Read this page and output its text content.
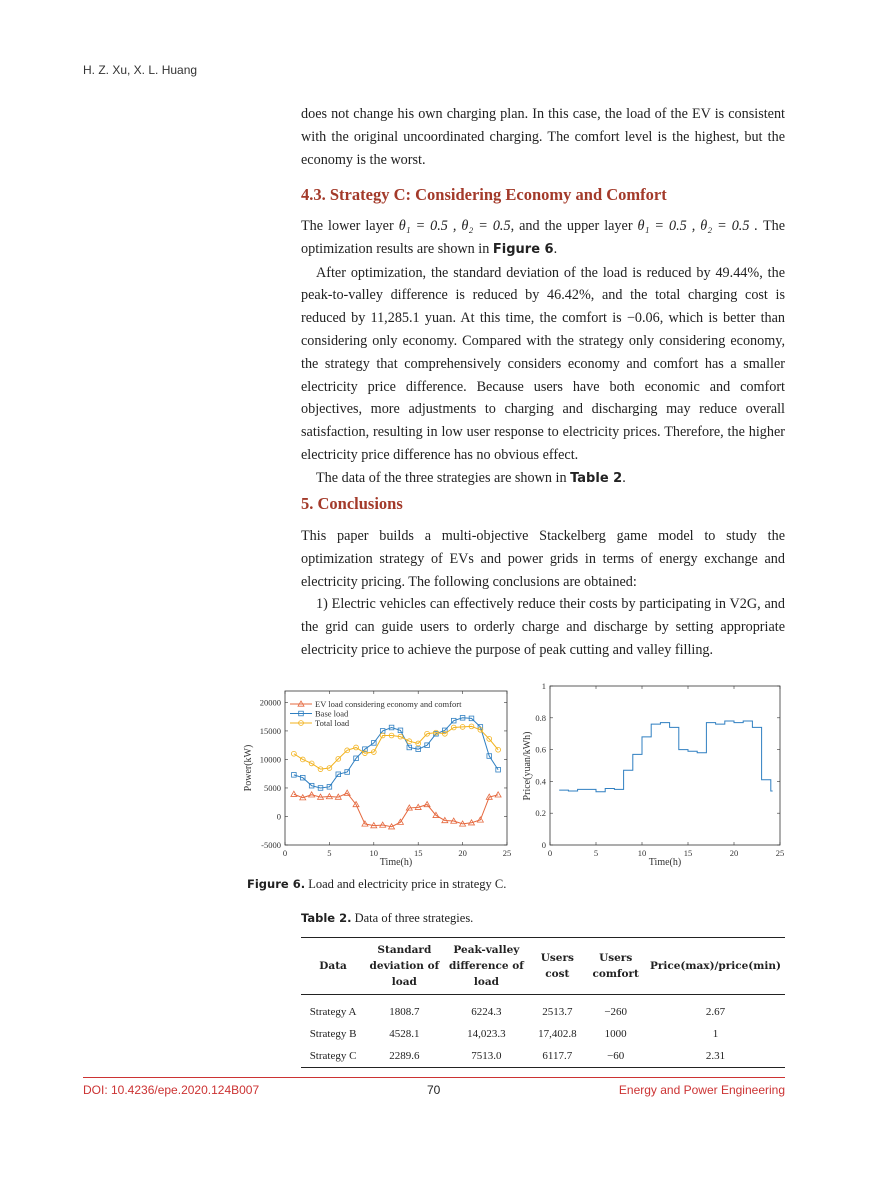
H. Z. Xu, X. L. Huang

does not change his own charging plan. In this case, the load of the EV is consistent with the original uncoordinated charging. The comfort level is the highest, but the economy is the worst.

4.3. Strategy C: Considering Economy and Comfort

The lower layer θ₁ = 0.5 , θ₂ = 0.5, and the upper layer θ₁ = 0.5 , θ₂ = 0.5 . The optimization results are shown in Figure 6.

After optimization, the standard deviation of the load is reduced by 49.44%, the peak-to-valley difference is reduced by 46.42%, and the total charging cost is reduced by 11,285.1 yuan. At this time, the comfort is −0.06, which is better than considering only economy. Compared with the strategy only considering economy, the strategy that comprehensively considers economy and comfort has a smaller electricity price difference. Because users have both economic and comfort objectives, more adjustments to charging and discharging may reduce overall satisfaction, resulting in low user response to electricity prices. Therefore, the higher electricity price difference has no obvious effect.

The data of the three strategies are shown in Table 2.

5. Conclusions

This paper builds a multi-objective Stackelberg game model to study the optimization strategy of EVs and power grids in terms of energy exchange and electricity pricing. The following conclusions are obtained:

1) Electric vehicles can effectively reduce their costs by participating in V2G, and the grid can guide users to orderly charge and discharge by setting appropriate electricity price to achieve the purpose of peak cutting and valley filling.

0	5	10	15	20	25
-5000
0
5000
10000
15000
20000	EV load considering economy and comfort
Base load
Total load
Time(h)
Power(kW)
0	5	10	15	20	25
0
0.2
0.4
0.6
0.8
1
Time(h)
Price(yuan/kWh)
Figure 6. Load and electricity price in strategy C.
Table 2. Data of three strategies.
Data	Standard deviation of load	Peak-valley difference of load	Users cost	Users comfort	Price(max)/price(min)
Strategy A	1808.7	6224.3	2513.7	−260	2.67
Strategy B	4528.1	14,023.3	17,402.8	1000	1
Strategy C	2289.6	7513.0	6117.7	−60	2.31
DOI: 10.4236/epe.2020.124B007	70	Energy and Power Engineering
